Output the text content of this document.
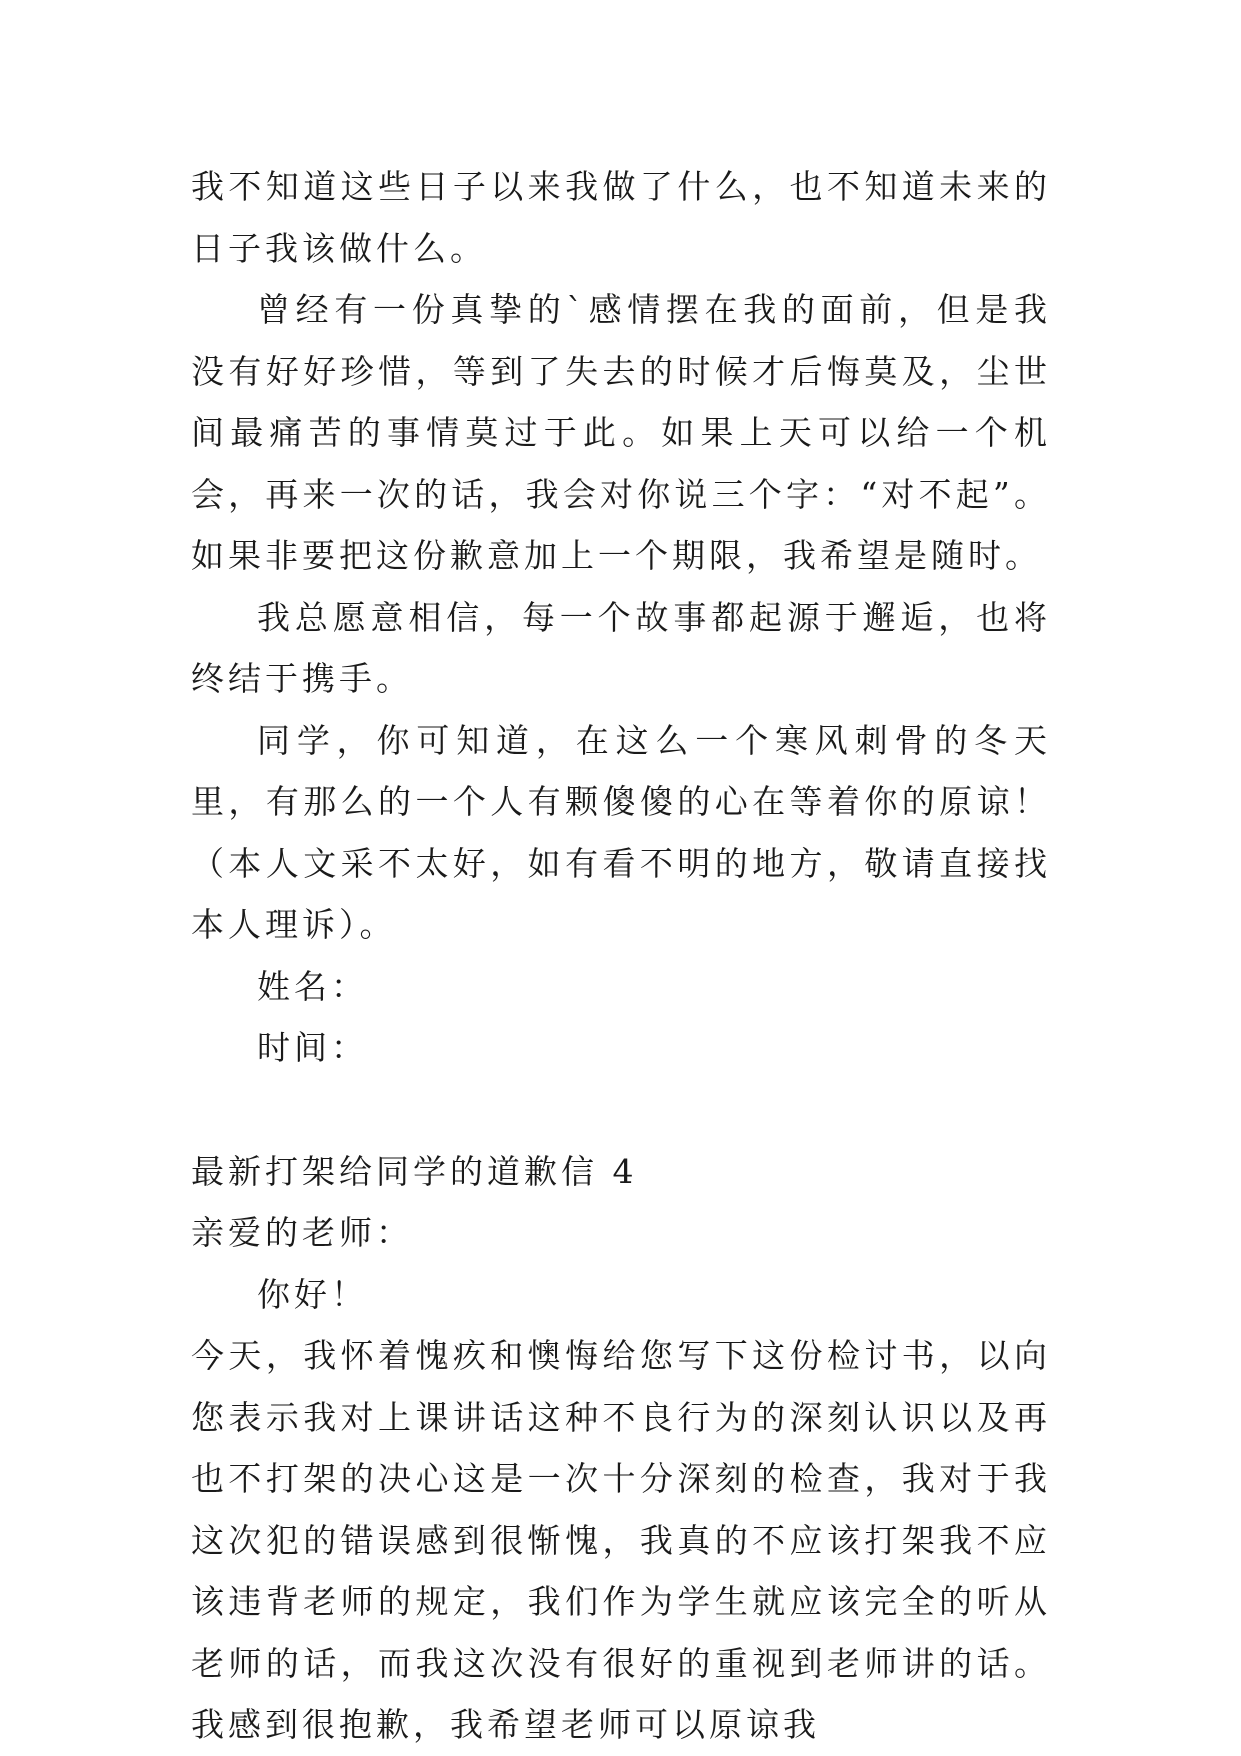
我不知道这些日子以来我做了什么，也不知道未来的日子我该做什么。

曾经有一份真挚的`感情摆在我的面前，但是我没有好好珍惜，等到了失去的时候才后悔莫及，尘世间最痛苦的事情莫过于此。如果上天可以给一个机会，再来一次的话，我会对你说三个字：“对不起”。如果非要把这份歉意加上一个期限，我希望是随时。

我总愿意相信，每一个故事都起源于邂逅，也将终结于携手。

同学，你可知道，在这么一个寒风刺骨的冬天里，有那么的一个人有颗傻傻的心在等着你的原谅！（本人文采不太好，如有看不明的地方，敬请直接找本人理诉）。

姓名：

时间：

最新打架给同学的道歉信 4

亲爱的老师：

你好！

今天，我怀着愧疚和懊悔给您写下这份检讨书，以向您表示我对上课讲话这种不良行为的深刻认识以及再也不打架的决心这是一次十分深刻的检查，我对于我这次犯的错误感到很惭愧，我真的不应该打架我不应该违背老师的规定，我们作为学生就应该完全的听从老师的话，而我这次没有很好的重视到老师讲的话。我感到很抱歉，我希望老师可以原谅我
